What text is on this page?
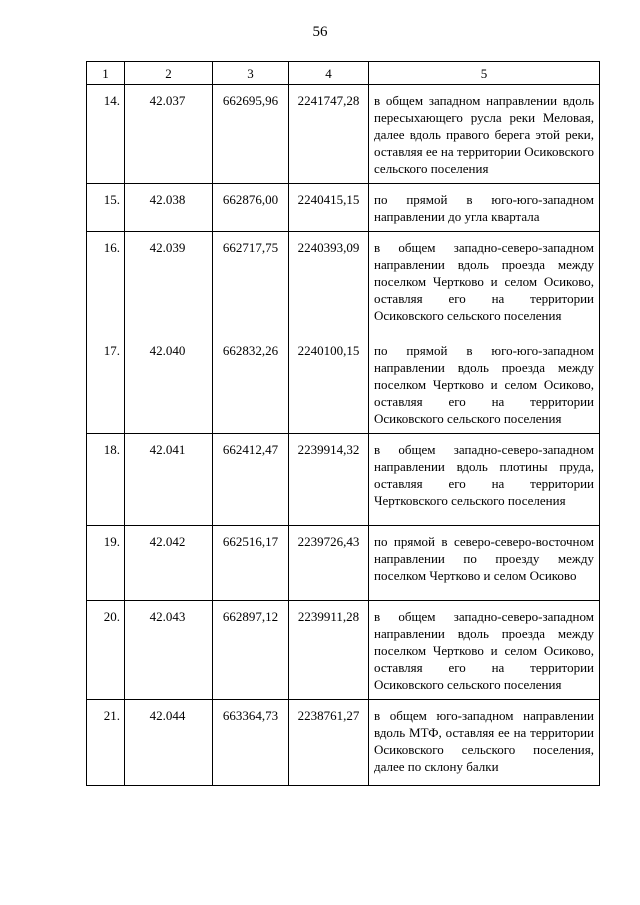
56
1	2	3	4	5
14.	42.037	662695,96	2241747,28	в общем западном направлении вдоль пересыхающего русла реки Меловая, далее вдоль правого берега этой реки, оставляя ее на территории Осиковского сельского поселения
15.	42.038	662876,00	2240415,15	по прямой в юго-юго-западном направлении до угла квартала
16.	42.039	662717,75	2240393,09	в общем западно-северо-западном направлении вдоль проезда между поселком Чертково и селом Осиково, оставляя его на территории Осиковского сельского поселения
17.	42.040	662832,26	2240100,15	по прямой в юго-юго-западном направлении вдоль проезда между поселком Чертково и селом Осиково, оставляя его на территории Осиковского сельского поселения
18.	42.041	662412,47	2239914,32	в общем западно-северо-западном направлении вдоль плотины пруда, оставляя его на территории Чертковского сельского поселения
19.	42.042	662516,17	2239726,43	по прямой в северо-северо-восточном направлении по проезду между поселком Чертково и селом Осиково
20.	42.043	662897,12	2239911,28	в общем западно-северо-западном направлении вдоль проезда между поселком Чертково и селом Осиково, оставляя его на территории Осиковского сельского поселения
21.	42.044	663364,73	2238761,27	в общем юго-западном направлении вдоль МТФ, оставляя ее на территории Осиковского сельского поселения, далее по склону балки
